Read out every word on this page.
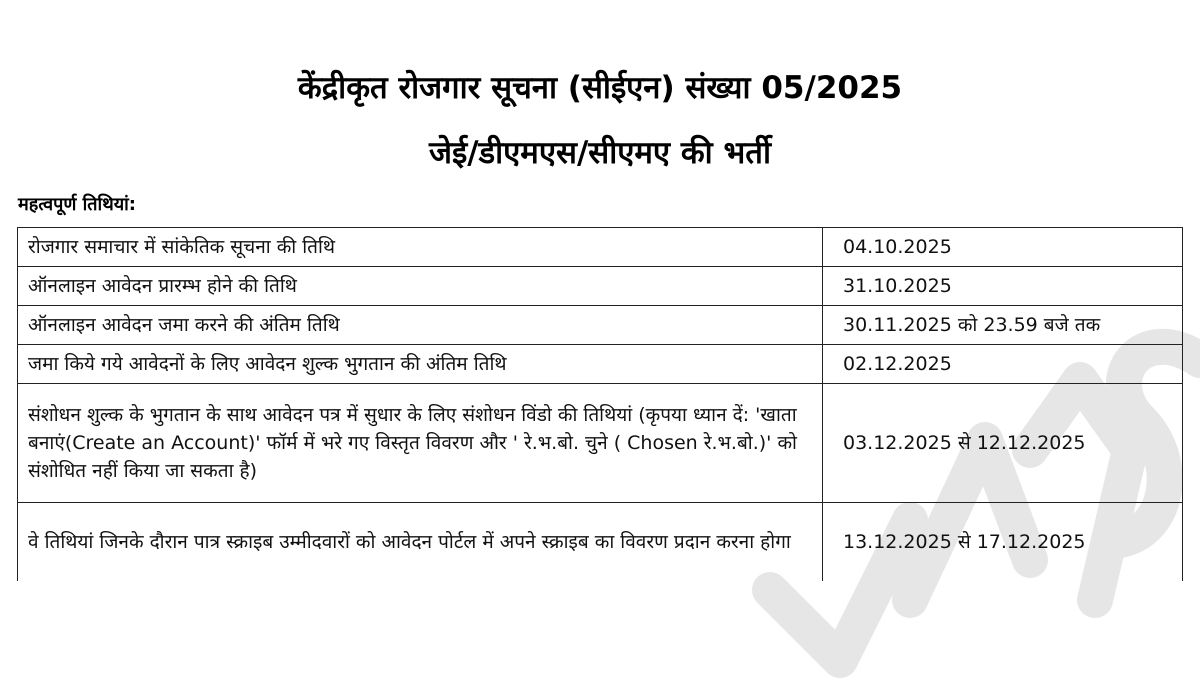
केंद्रीकृत रोजगार सूचना (सीईएन) संख्या 05/2025
जेई/डीएमएस/सीएमए की भर्ती
महत्वपूर्ण तिथियां:
रोजगार समाचार में सांकेतिक सूचना की तिथि	04.10.2025
ऑनलाइन आवेदन प्रारम्भ होने की तिथि	31.10.2025
ऑनलाइन आवेदन जमा करने की अंतिम तिथि	30.11.2025 को 23.59 बजे तक
जमा किये गये आवेदनों के लिए आवेदन शुल्क भुगतान की अंतिम तिथि	02.12.2025
संशोधन शुल्क के भुगतान के साथ आवेदन पत्र में सुधार के लिए संशोधन विंडो की तिथियां (कृपया ध्यान दें: 'खाता बनाएं(Create an Account)' फॉर्म में भरे गए विस्तृत विवरण और ' रे.भ.बो. चुने ( Chosen रे.भ.बो.)' को संशोधित नहीं किया जा सकता है)	03.12.2025 से 12.12.2025
वे तिथियां जिनके दौरान पात्र स्क्राइब उम्मीदवारों को आवेदन पोर्टल में अपने स्क्राइब का विवरण प्रदान करना होगा	13.12.2025 से 17.12.2025
